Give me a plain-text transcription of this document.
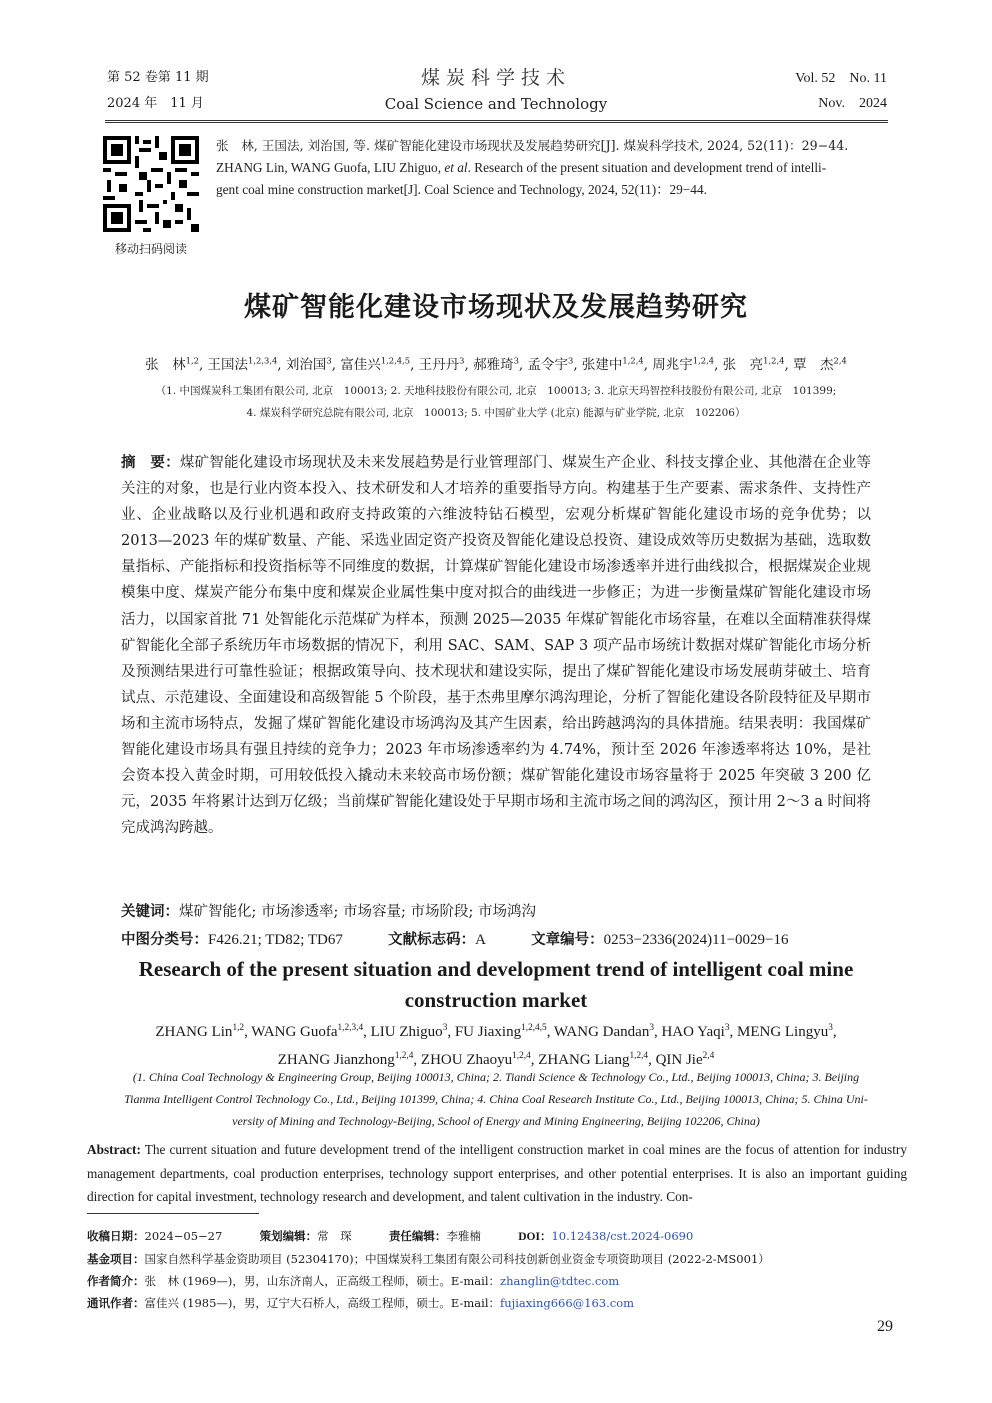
第 52 卷第 11 期
2024 年　11 月
煤炭科学技术
Coal Science and Technology
Vol. 52　No. 11
Nov.　2024
移动扫码阅读
张　林, 王国法, 刘治国, 等. 煤矿智能化建设市场现状及发展趋势研究[J]. 煤炭科学技术, 2024, 52(11)：29−44.
ZHANG Lin, WANG Guofa, LIU Zhiguo, et al. Research of the present situation and development trend of intelli-
gent coal mine construction market[J]. Coal Science and Technology, 2024, 52(11)：29−44.
煤矿智能化建设市场现状及发展趋势研究
张　林$^{1,2}$, 王国法$^{1,2,3,4}$, 刘治国$^3$, 富佳兴$^{1,2,4,5}$, 王丹丹$^3$, 郝雅琦$^3$, 孟令宇$^3$, 张建中$^{1,2,4}$, 周兆宇$^{1,2,4}$, 张　亮$^{1,2,4}$, 覃　杰$^{2,4}$
（1. 中国煤炭科工集团有限公司, 北京　100013; 2. 天地科技股份有限公司, 北京　100013; 3. 北京天玛智控科技股份有限公司, 北京　101399;
4. 煤炭科学研究总院有限公司, 北京　100013; 5. 中国矿业大学 (北京) 能源与矿业学院, 北京　102206）
摘　要：煤矿智能化建设市场现状及未来发展趋势是行业管理部门、煤炭生产企业、科技支撑企业、其他潜在企业等关注的对象，也是行业内资本投入、技术研发和人才培养的重要指导方向。构建基于生产要素、需求条件、支持性产业、企业战略以及行业机遇和政府支持政策的六维波特钻石模型，宏观分析煤矿智能化建设市场的竞争优势；以 2013—2023 年的煤矿数量、产能、采选业固定资产投资及智能化建设总投资、建设成效等历史数据为基础，选取数量指标、产能指标和投资指标等不同维度的数据，计算煤矿智能化建设市场渗透率并进行曲线拟合，根据煤炭企业规模集中度、煤炭产能分布集中度和煤炭企业属性集中度对拟合的曲线进一步修正；为进一步衡量煤矿智能化建设市场活力，以国家首批 71 处智能化示范煤矿为样本，预测 2025—2035 年煤矿智能化市场容量，在难以全面精准获得煤矿智能化全部子系统历年市场数据的情况下，利用 SAC、SAM、SAP 3 项产品市场统计数据对煤矿智能化市场分析及预测结果进行可靠性验证；根据政策导向、技术现状和建设实际，提出了煤矿智能化建设市场发展萌芽破土、培育试点、示范建设、全面建设和高级智能 5 个阶段，基于杰弗里摩尔鸿沟理论，分析了智能化建设各阶段特征及早期市场和主流市场特点，发掘了煤矿智能化建设市场鸿沟及其产生因素，给出跨越鸿沟的具体措施。结果表明：我国煤矿智能化建设市场具有强且持续的竞争力；2023 年市场渗透率约为 4.74%，预计至 2026 年渗透率将达 10%，是社会资本投入黄金时期，可用较低投入撬动未来较高市场份额；煤矿智能化建设市场容量将于 2025 年突破 3 200 亿元，2035 年将累计达到万亿级；当前煤矿智能化建设处于早期市场和主流市场之间的鸿沟区，预计用 2～3 a 时间将完成鸿沟跨越。
关键词：煤矿智能化; 市场渗透率; 市场容量; 市场阶段; 市场鸿沟
中图分类号：F426.21; TD82; TD67	文献标志码：A	文章编号：0253−2336(2024)11−0029−16
Research of the present situation and development trend of intelligent coal mine
construction market
ZHANG Lin$^{1,2}$, WANG Guofa$^{1,2,3,4}$, LIU Zhiguo$^3$, FU Jiaxing$^{1,2,4,5}$, WANG Dandan$^3$, HAO Yaqi$^3$, MENG Lingyu$^3$,
ZHANG Jianzhong$^{1,2,4}$, ZHOU Zhaoyu$^{1,2,4}$, ZHANG Liang$^{1,2,4}$, QIN Jie$^{2,4}$
(1. China Coal Technology & Engineering Group, Beijing 100013, China; 2. Tiandi Science & Technology Co., Ltd., Beijing 100013, China; 3. Beijing
Tianma Intelligent Control Technology Co., Ltd., Beijing 101399, China; 4. China Coal Research Institute Co., Ltd., Beijing 100013, China; 5. China Uni-
versity of Mining and Technology-Beijing, School of Energy and Mining Engineering, Beijing 102206, China)
Abstract: The current situation and future development trend of the intelligent construction market in coal mines are the focus of attention for industry management departments, coal production enterprises, technology support enterprises, and other potential enterprises. It is also an important guiding direction for capital investment, technology research and development, and talent cultivation in the industry. Con-
收稿日期：2024−05−27	策划编辑：常　琛	责任编辑：李雅楠	DOI：10.12438/cst.2024-0690
基金项目：国家自然科学基金资助项目 (52304170)；中国煤炭科工集团有限公司科技创新创业资金专项资助项目 (2022-2-MS001）
作者简介：张　林 (1969—)，男，山东济南人，正高级工程师，硕士。E-mail：zhanglin@tdtec.com
通讯作者：富佳兴 (1985—)，男，辽宁大石桥人，高级工程师，硕士。E-mail：fujiaxing666@163.com
29
